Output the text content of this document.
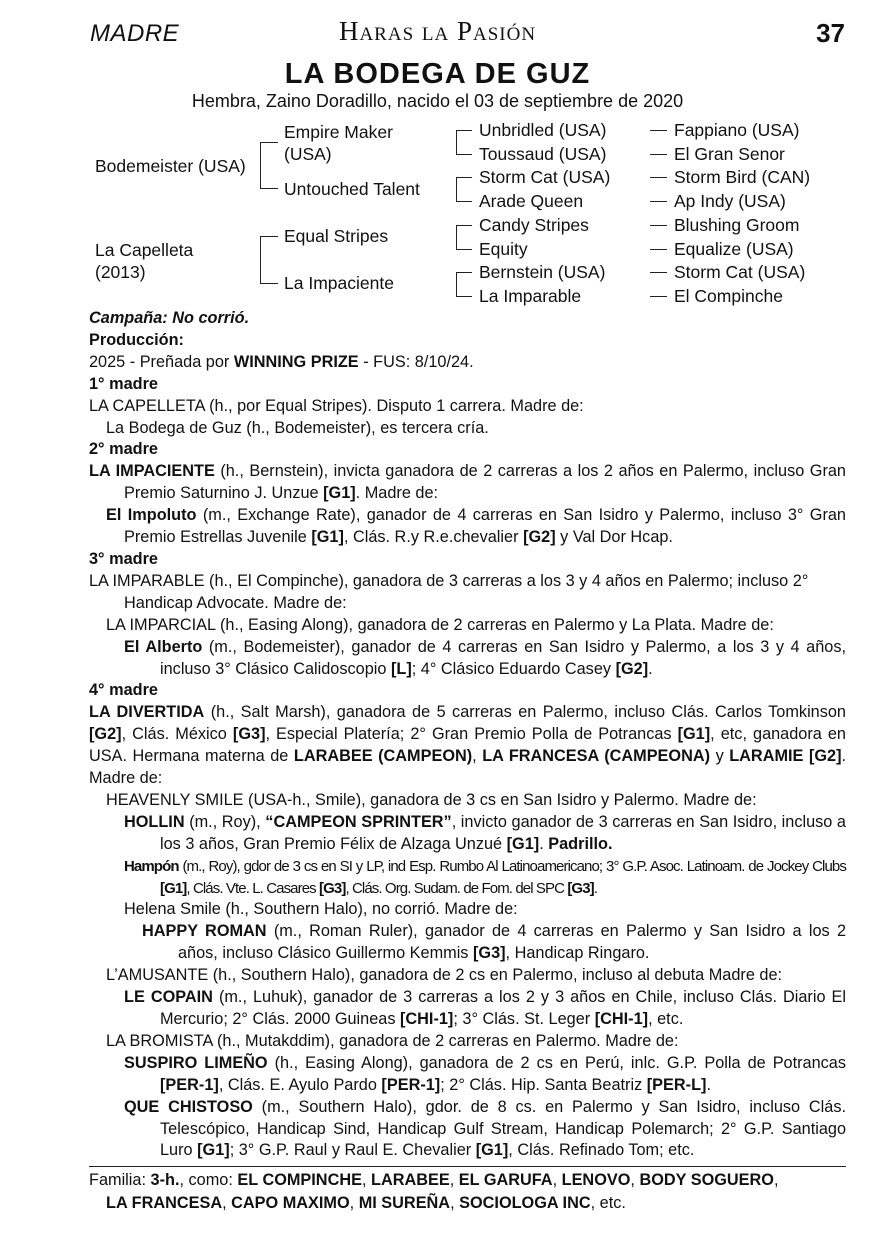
MADRE	Haras la Pasión	37
LA BODEGA DE GUZ
Hembra, Zaino Doradillo, nacido el 03 de septiembre de 2020
Bodemeister (USA)
La Capelleta (2013)
Empire Maker (USA)
Untouched Talent
Equal Stripes
La Impaciente
Unbridled (USA)
Toussaud (USA)
Storm Cat (USA)
Arade Queen
Candy Stripes
Equity
Bernstein (USA)
La Imparable
Fappiano (USA)
El Gran Senor
Storm Bird (CAN)
Ap Indy (USA)
Blushing Groom
Equalize (USA)
Storm Cat (USA)
El Compinche

Campaña: No corrió.

Producción:

2025 - Preñada por WINNING PRIZE - FUS: 8/10/24.

1° madre

LA CAPELLETA (h., por Equal Stripes). Disputo 1 carrera. Madre de:

La Bodega de Guz (h., Bodemeister), es tercera cría.

2° madre

LA IMPACIENTE (h., Bernstein), invicta ganadora de 2 carreras a los 2 años en Palermo, incluso Gran Premio Saturnino J. Unzue [G1]. Madre de:

El Impoluto (m., Exchange Rate), ganador de 4 carreras en San Isidro y Palermo, incluso 3° Gran Premio Estrellas Juvenile [G1], Clás. R.y R.e.chevalier [G2] y Val Dor Hcap.

3° madre

LA IMPARABLE (h., El Compinche), ganadora de 3 carreras a los 3 y 4 años en Palermo; incluso 2° Handicap Advocate. Madre de:

LA IMPARCIAL (h., Easing Along), ganadora de 2 carreras en Palermo y La Plata. Madre de:

El Alberto (m., Bodemeister), ganador de 4 carreras en San Isidro y Palermo, a los 3 y 4 años, incluso 3° Clásico Calidoscopio [L]; 4° Clásico Eduardo Casey [G2].

4° madre

LA DIVERTIDA (h., Salt Marsh), ganadora de 5 carreras en Palermo, incluso Clás. Carlos Tomkinson [G2], Clás. México [G3], Especial Platería; 2° Gran Premio Polla de Potrancas [G1], etc, ganadora en USA. Hermana materna de LARABEE (CAMPEON), LA FRANCESA (CAMPEONA) y LARAMIE [G2]. Madre de:

HEAVENLY SMILE (USA-h., Smile), ganadora de 3 cs en San Isidro y Palermo. Madre de:

HOLLIN (m., Roy), “CAMPEON SPRINTER”, invicto ganador de 3 carreras en San Isidro, incluso a los 3 años, Gran Premio Félix de Alzaga Unzué [G1]. Padrillo.

Hampón (m., Roy), gdor de 3 cs en SI y LP, ind Esp. Rumbo Al Latinoamericano; 3° G.P. Asoc. Latinoam. de Jockey Clubs [G1], Clás. Vte. L. Casares [G3], Clás. Org. Sudam. de Fom. del SPC [G3].

Helena Smile (h., Southern Halo), no corrió. Madre de:

HAPPY ROMAN (m., Roman Ruler), ganador de 4 carreras en Palermo y San Isidro a los 2 años, incluso Clásico Guillermo Kemmis [G3], Handicap Ringaro.

L’AMUSANTE (h., Southern Halo), ganadora de 2 cs en Palermo, incluso al debuta Madre de:

LE COPAIN (m., Luhuk), ganador de 3 carreras a los 2 y 3 años en Chile, incluso Clás. Diario El Mercurio; 2° Clás. 2000 Guineas [CHI-1]; 3° Clás. St. Leger [CHI-1], etc.

LA BROMISTA (h., Mutakddim), ganadora de 2 carreras en Palermo. Madre de:

SUSPIRO LIMEÑO (h., Easing Along), ganadora de 2 cs en Perú, inlc. G.P. Polla de Potrancas [PER-1], Clás. E. Ayulo Pardo [PER-1]; 2° Clás. Hip. Santa Beatriz [PER-L].

QUE CHISTOSO (m., Southern Halo), gdor. de 8 cs. en Palermo y San Isidro, incluso Clás. Telescópico, Handicap Sind, Handicap Gulf Stream, Handicap Polemarch; 2° G.P. Santiago Luro [G1]; 3° G.P. Raul y Raul E. Chevalier [G1], Clás. Refinado Tom; etc.

Familia: 3-h., como: EL COMPINCHE, LARABEE, EL GARUFA, LENOVO, BODY SOGUERO,
LA FRANCESA, CAPO MAXIMO, MI SUREÑA, SOCIOLOGA INC, etc.
